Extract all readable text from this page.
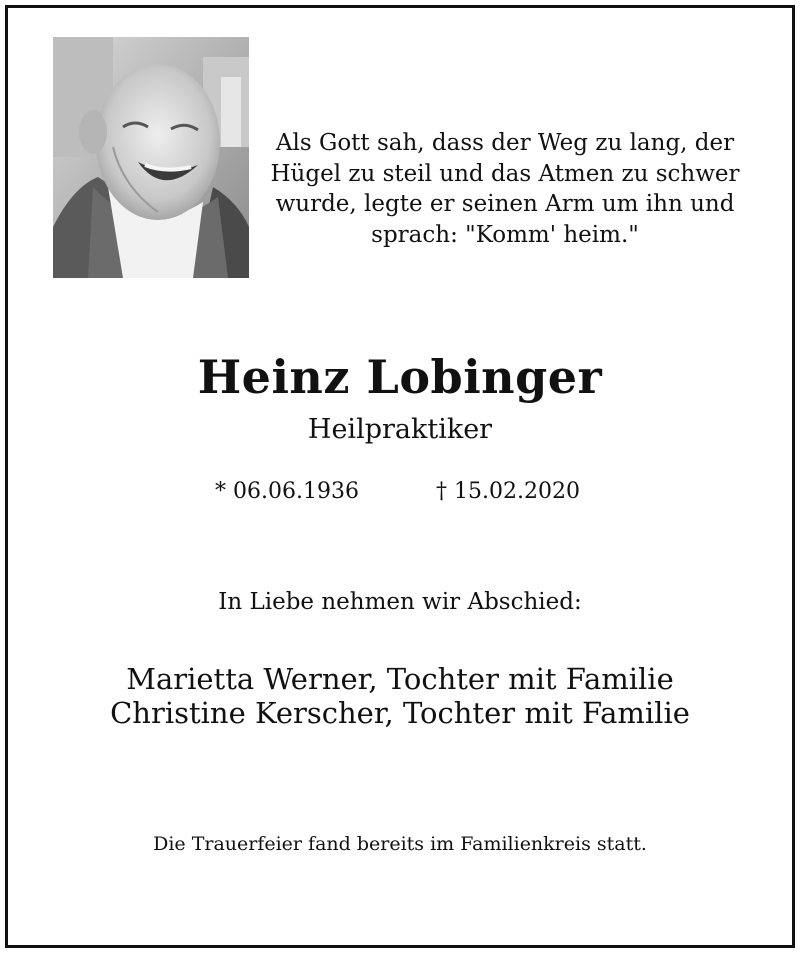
Als Gott sah, dass der Weg zu lang, der
Hügel zu steil und das Atmen zu schwer
wurde, legte er seinen Arm um ihn und
sprach: "Komm' heim."
Heinz Lobinger
Heilpraktiker
* 06.06.1936	† 15.02.2020
In Liebe nehmen wir Abschied:
Marietta Werner, Tochter mit Familie
Christine Kerscher, Tochter mit Familie
Die Trauerfeier fand bereits im Familienkreis statt.
